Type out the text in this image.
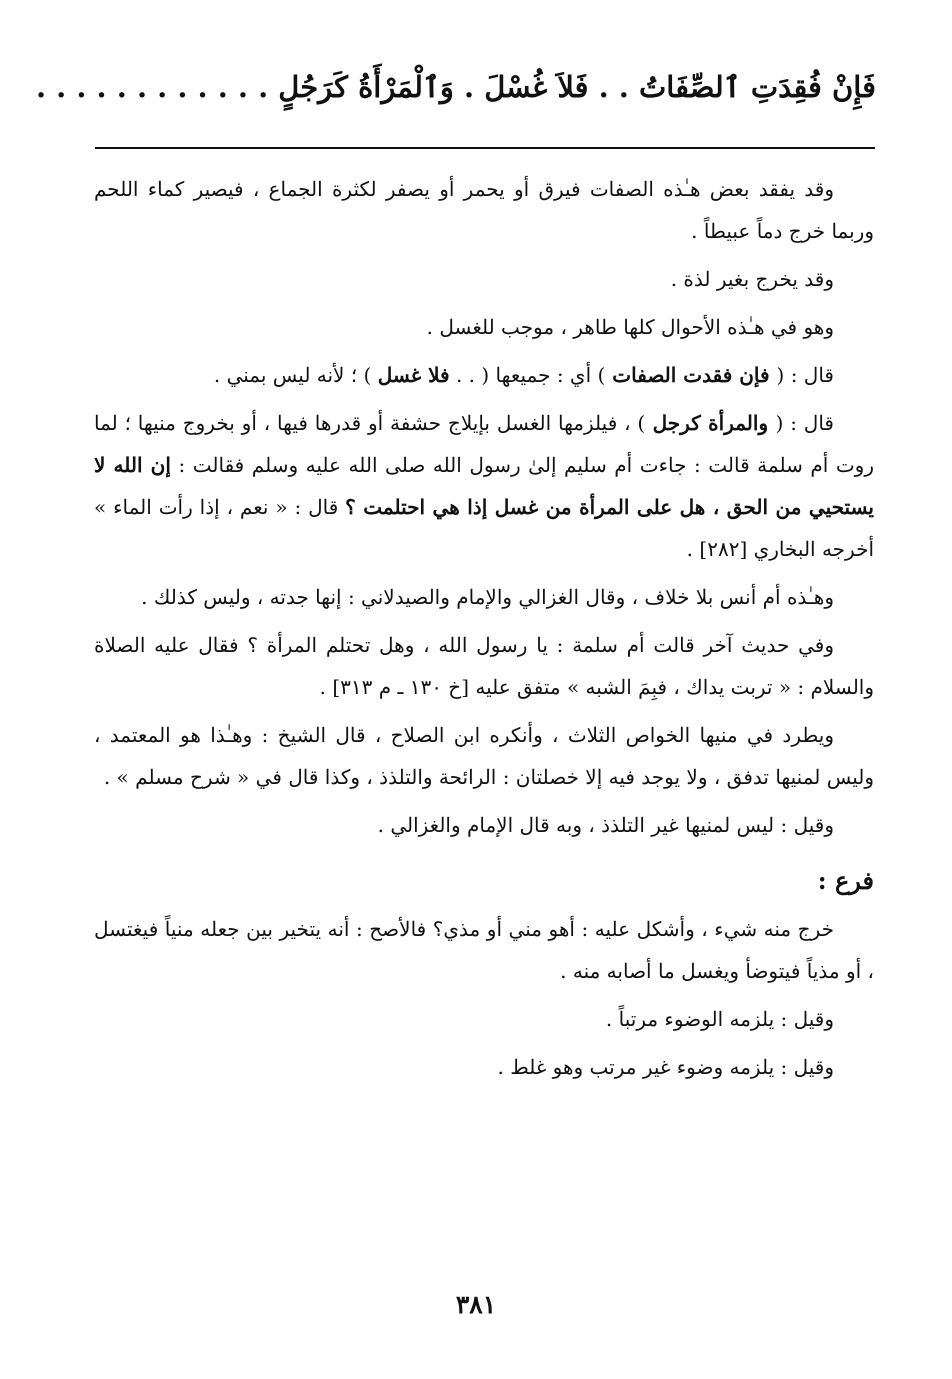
فَإِنْ فُقِدَتِ ٱلصِّفَاتُ . . فَلاَ غُسْلَ . وَٱلْمَرْأَةُ كَرَجُلٍ . . . . . . . . . . . .

وقد يفقد بعض هـٰذه الصفات فيرق أو يحمر أو يصفر لكثرة الجماع ، فيصير كماء اللحم وربما خرج دماً عبيطاً .

وقد يخرج بغير لذة .

وهو في هـٰذه الأحوال كلها طاهر ، موجب للغسل .

قال : ( فإن فقدت الصفات ) أي : جميعها ( . . فلا غسل ) ؛ لأنه ليس بمني .

قال : ( والمرأة كرجل ) ، فيلزمها الغسل بإيلاج حشفة أو قدرها فيها ، أو بخروج منيها ؛ لما روت أم سلمة قالت : جاءت أم سليم إلىٰ رسول الله صلى الله عليه وسلم فقالت : إن الله لا يستحيي من الحق ، هل على المرأة من غسل إذا هي احتلمت ؟ قال : « نعم ، إذا رأت الماء » أخرجه البخاري [٢٨٢] .

وهـٰذه أم أنس بلا خلاف ، وقال الغزالي والإمام والصيدلاني : إنها جدته ، وليس كذلك .

وفي حديث آخر قالت أم سلمة : يا رسول الله ، وهل تحتلم المرأة ؟ فقال عليه الصلاة والسلام : « تربت يداك ، فبِمَ الشبه » متفق عليه [خ ١٣٠ ـ م ٣١٣] .

ويطرد في منيها الخواص الثلاث ، وأنكره ابن الصلاح ، قال الشيخ : وهـٰذا هو المعتمد ، وليس لمنيها تدفق ، ولا يوجد فيه إلا خصلتان : الرائحة والتلذذ ، وكذا قال في « شرح مسلم » .

وقيل : ليس لمنيها غير التلذذ ، وبه قال الإمام والغزالي .

فرع :

خرج منه شيء ، وأشكل عليه : أهو مني أو مذي؟ فالأصح : أنه يتخير بين جعله منياً فيغتسل ، أو مذياً فيتوضأ ويغسل ما أصابه منه .

وقيل : يلزمه الوضوء مرتباً .

وقيل : يلزمه وضوء غير مرتب وهو غلط .

٣٨١
